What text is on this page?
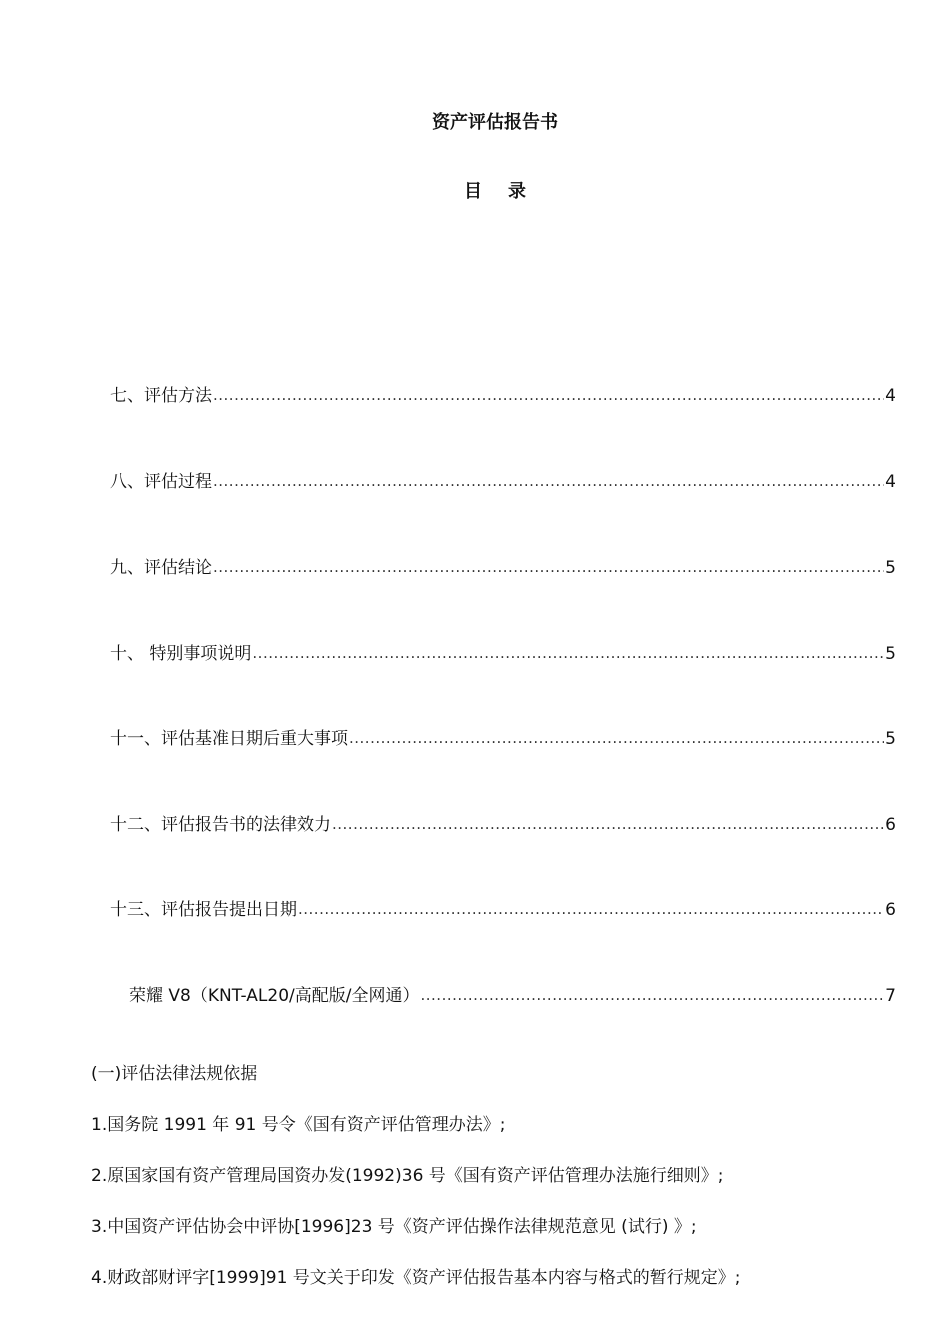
资产评估报告书
目 录
七、评估方法 .....	4
八、评估过程 .....	4
九、评估结论 .....	5
十、 特别事项说明 .....	5
十一、评估基准日期后重大事项 .....	5
十二、评估报告书的法律效力 .....	6
十三、评估报告提出日期 .....	6
荣耀 V8（KNT-AL20/高配版/全网通） .....	7
(一)评估法律法规依据
1.国务院 1991 年 91 号令《国有资产评估管理办法》;
2.原国家国有资产管理局国资办发(1992)36 号《国有资产评估管理办法施行细则》;
3.中国资产评估协会中评协[1996]23 号《资产评估操作法律规范意见 (试行) 》;
4.财政部财评字[1999]91 号文关于印发《资产评估报告基本内容与格式的暂行规定》;
